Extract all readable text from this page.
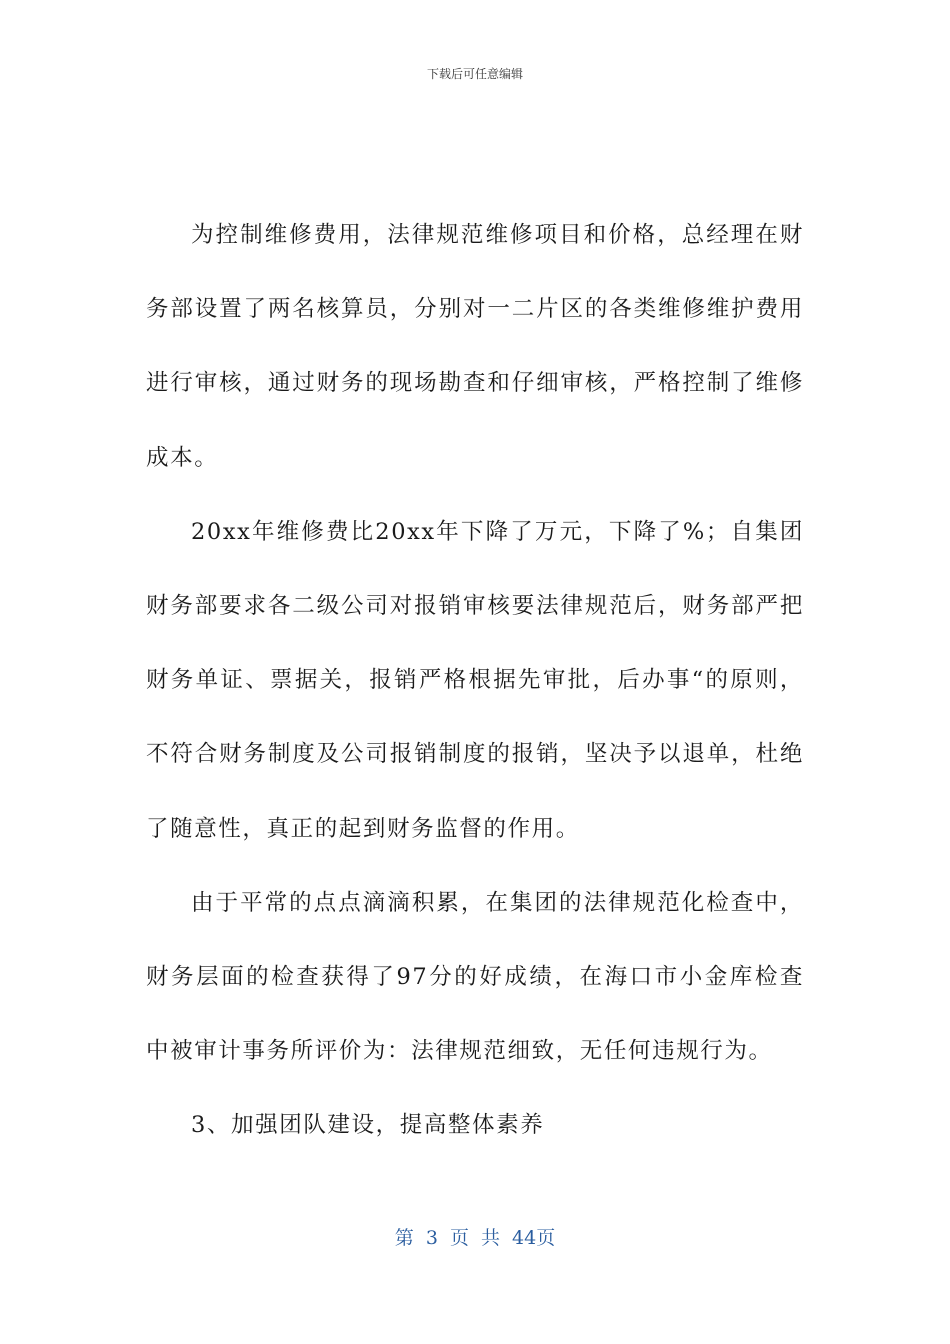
下载后可任意编辑

为控制维修费用，法律规范维修项目和价格，总经理在财务部设置了两名核算员，分别对一二片区的各类维修维护费用进行审核，通过财务的现场勘查和仔细审核，严格控制了维修成本。

20xx年维修费比20xx年下降了万元，下降了%；自集团财务部要求各二级公司对报销审核要法律规范后，财务部严把财务单证、票据关，报销严格根据先审批，后办事“的原则，不符合财务制度及公司报销制度的报销，坚决予以退单，杜绝了随意性，真正的起到财务监督的作用。

由于平常的点点滴滴积累，在集团的法律规范化检查中，财务层面的检查获得了97分的好成绩，在海口市小金库检查中被审计事务所评价为：法律规范细致，无任何违规行为。

3、加强团队建设，提高整体素养

第 3 页 共 44页
